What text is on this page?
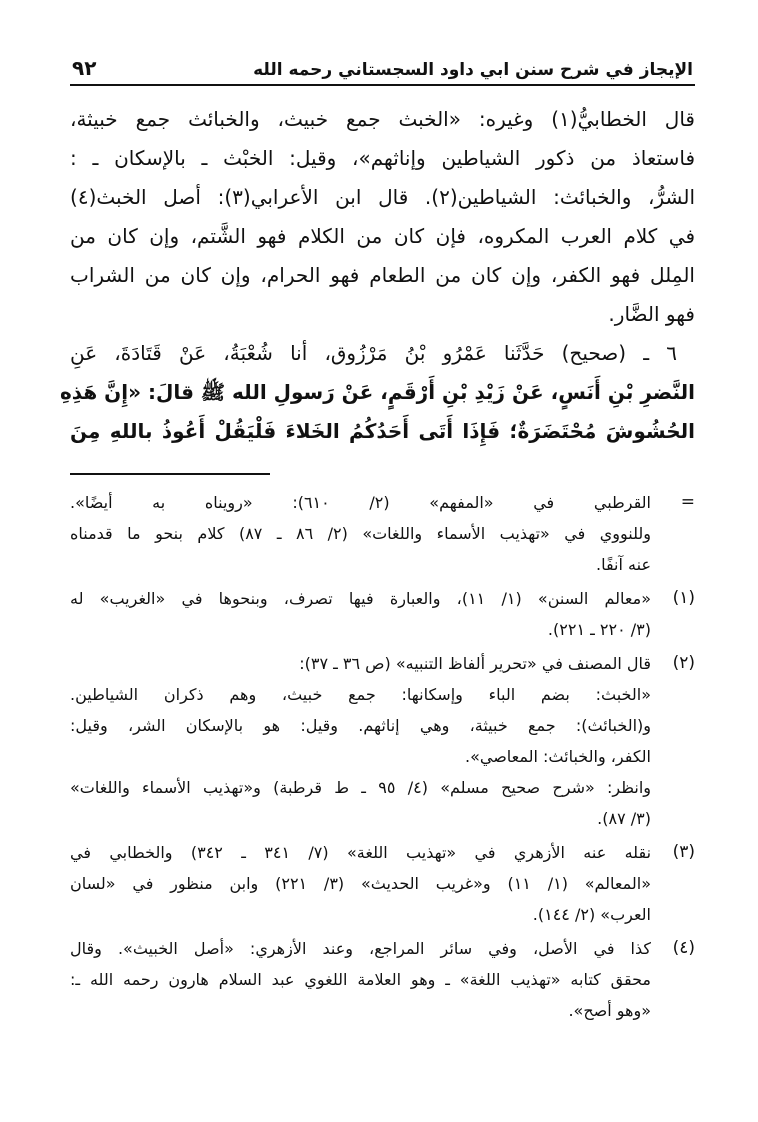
الإيجاز في شرح سنن ابي داود السجستاني رحمه الله
٩٢
قال الخطابيُّ(١) وغيره: «الخبث جمع خبيث، والخبائث جمع خبيثة،
فاستعاذ من ذكور الشياطين وإناثهم»، وقيل: الخبْث ـ بالإسكان ـ :
الشرُّ، والخبائث: الشياطين(٢). قال ابن الأعرابي(٣): أصل الخبث(٤)
في كلام العرب المكروه، فإن كان من الكلام فهو الشَّتم، وإن كان من
المِلل فهو الكفر، وإن كان من الطعام فهو الحرام، وإن كان من الشراب
فهو الضَّار.
٦ ـ (صحيح) حَدَّثَنا عَمْرُو بْنُ مَرْزُوق، أنا شُعْبَةُ، عَنْ قَتَادَةَ، عَنِ
النَّضرِ بْنِ أَنَسٍ، عَنْ زَيْدِ بْنِ أَرْقَمٍ، عَنْ رَسولِ الله ﷺ قالَ: «إِنَّ هَذِهِ
الحُشُوشَ مُحْتَضَرَةٌ؛ فَإِذَا أَتَى أَحَدُكُمُ الخَلاءَ فَلْيَقُلْ أَعُوذُ باللهِ مِنَ
=
القرطبي في «المفهم» (٢/ ٦١٠): «رويناه به أيضًا».
وللنووي في «تهذيب الأسماء واللغات» (٢/ ٨٦ ـ ٨٧) كلام بنحو ما قدمناه
عنه آنفًا.
(١)
«معالم السنن» (١/ ١١)، والعبارة فيها تصرف، وبنحوها في «الغريب» له
(٣/ ٢٢٠ ـ ٢٢١).
(٢)
قال المصنف في «تحرير ألفاظ التنبيه» (ص ٣٦ ـ ٣٧):
«الخبث: بضم الباء وإسكانها: جمع خبيث، وهم ذكران الشياطين.
و(الخبائث): جمع خبيثة، وهي إناثهم. وقيل: هو بالإسكان الشر، وقيل:
الكفر، والخبائث: المعاصي».
وانظر: «شرح صحيح مسلم» (٤/ ٩٥ ـ ط قرطبة) و«تهذيب الأسماء واللغات»
(٣/ ٨٧).
(٣)
نقله عنه الأزهري في «تهذيب اللغة» (٧/ ٣٤١ ـ ٣٤٢) والخطابي في
«المعالم» (١/ ١١) و«غريب الحديث» (٣/ ٢٢١) وابن منظور في «لسان
العرب» (٢/ ١٤٤).
(٤)
كذا في الأصل، وفي سائر المراجع، وعند الأزهري: «أصل الخبيث». وقال
محقق كتابه «تهذيب اللغة» ـ وهو العلامة اللغوي عبد السلام هارون رحمه الله ـ:
«وهو أصح».
